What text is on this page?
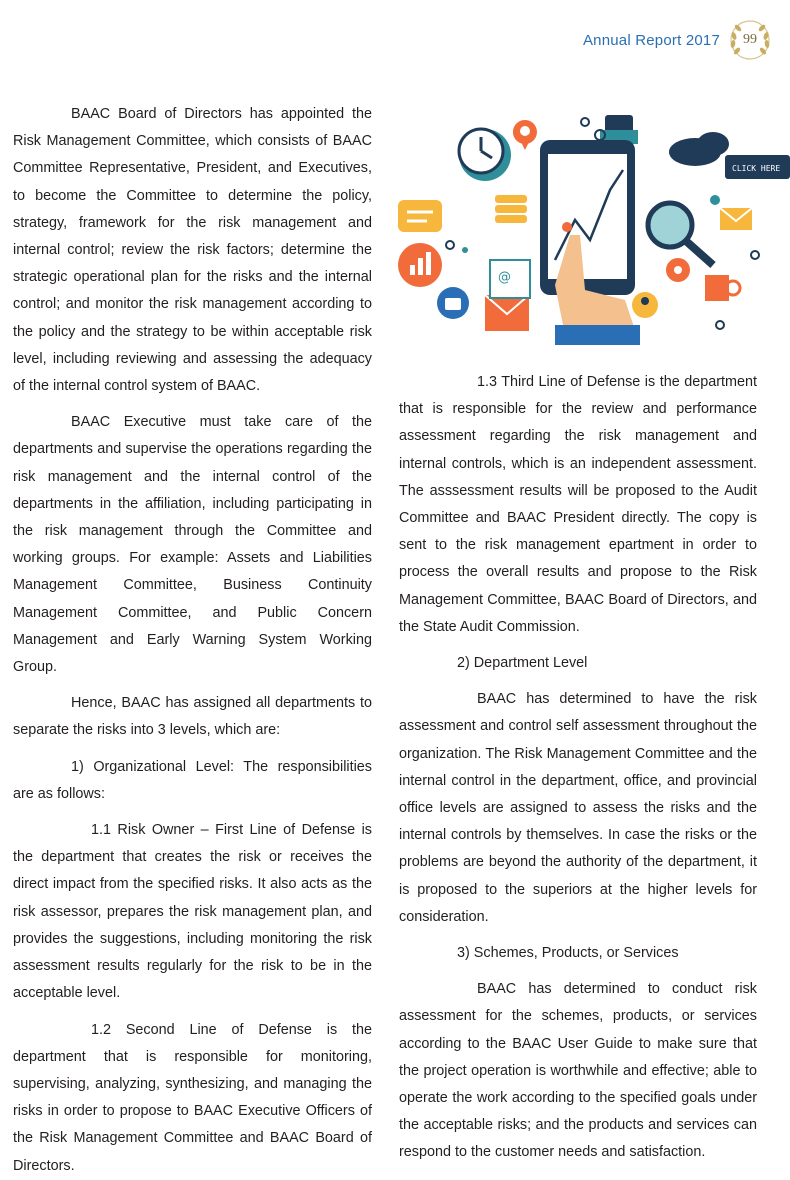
Annual Report 2017	99

BAAC Board of Directors has appointed the Risk Management Committee, which consists of BAAC Committee Representative, President, and Executives, to become the Committee to determine the policy, strategy, framework for the risk management and internal control; review the risk factors; determine the strategic operational plan for the risks and the internal control; and monitor the risk management according to the policy and the strategy to be within acceptable risk level, including reviewing and assessing the adequacy of the internal control system of BAAC.

BAAC Executive must take care of the departments and supervise the operations regarding the risk management and the internal control of the departments in the affiliation, including participating in the risk management through the Committee and working groups. For example: Assets and Liabilities Management Committee, Business Continuity Management Committee, and Public Concern Management and Early Warning System Working Group.

Hence, BAAC has assigned all departments to separate the risks into 3 levels, which are:

1) Organizational Level: The responsibilities are as follows:

1.1 Risk Owner – First Line of Defense is the department that creates the risk or receives the direct impact from the specified risks. It also acts as the risk assessor, prepares the risk management plan, and provides the suggestions, including monitoring the risk assessment results regularly for the risk to be in the acceptable level.

1.2 Second Line of Defense is the department that is responsible for monitoring, supervising, analyzing, synthesizing, and managing the risks in order to propose to BAAC Executive Officers of the Risk Management Committee and BAAC Board of Directors.

@
CLICK HERE

1.3 Third Line of Defense is the department that is responsible for the review and performance assessment regarding the risk management and internal controls, which is an independent assessment. The asssessment results will be proposed to the Audit Committee and BAAC President directly. The copy is sent to the risk management epartment in order to process the overall results and propose to the Risk Management Committee, BAAC Board of Directors, and the State Audit Commission.

2) Department Level

BAAC has determined to have the risk assessment and control self assessment throughout the organization. The Risk Management Committee and the internal control in the department, office, and provincial office levels are assigned to assess the risks and the internal controls by themselves. In case the risks or the problems are beyond the authority of the department, it is proposed to the superiors at the higher levels for consideration.

3) Schemes, Products, or Services

BAAC has determined to conduct risk assessment for the schemes, products, or services according to the BAAC User Guide to make sure that the project operation is worthwhile and effective; able to operate the work according to the specified goals under the acceptable risks; and the products and services can respond to the customer needs and satisfaction.
